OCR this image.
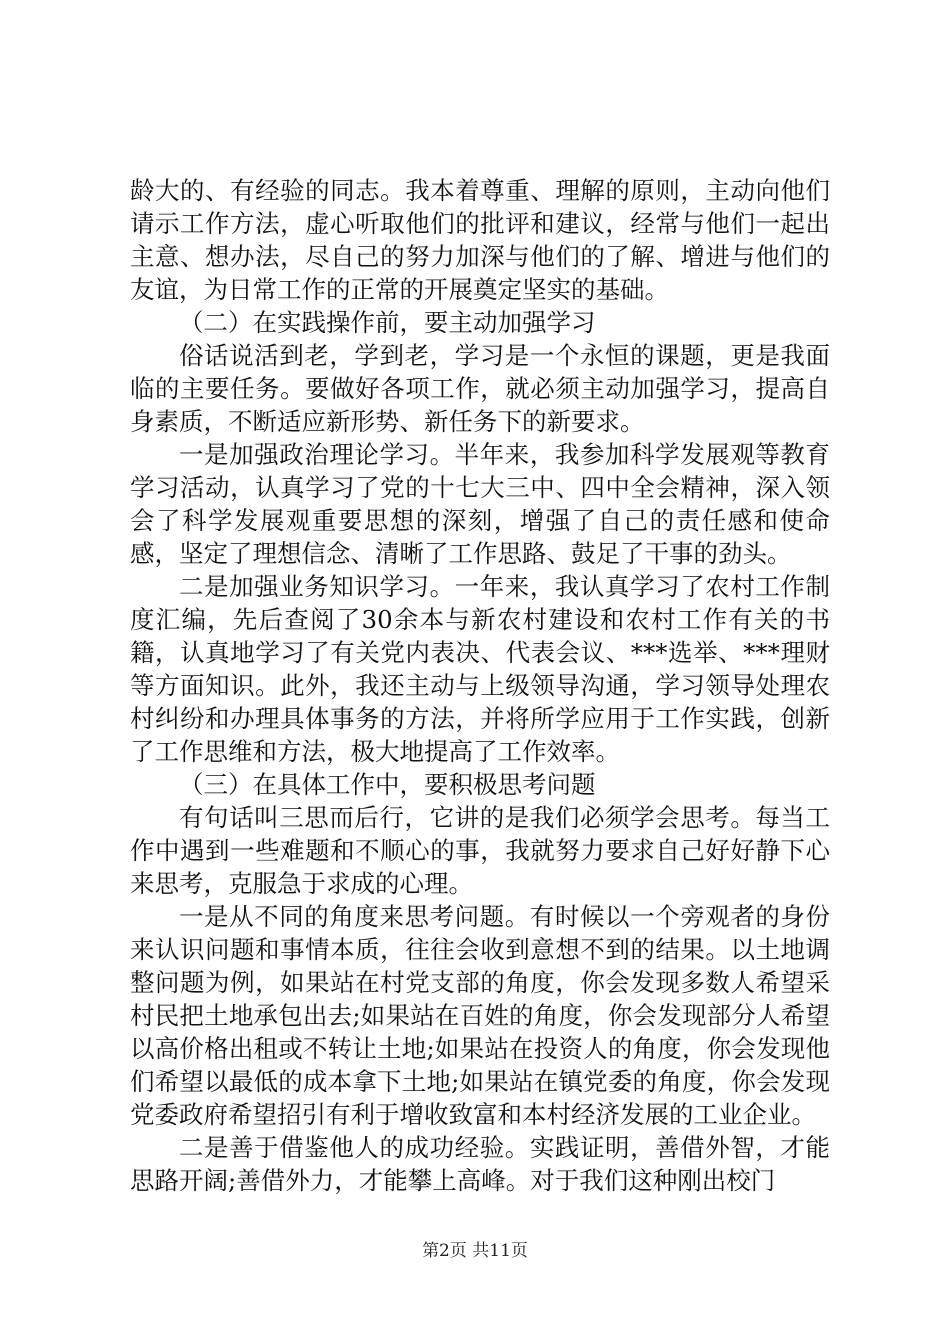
龄大的、有经验的同志。我本着尊重、理解的原则，主动向他们请示工作方法，虚心听取他们的批评和建议，经常与他们一起出主意、想办法，尽自己的努力加深与他们的了解、增进与他们的友谊，为日常工作的正常的开展奠定坚实的基础。

（二）在实践操作前，要主动加强学习

俗话说活到老，学到老，学习是一个永恒的课题，更是我面临的主要任务。要做好各项工作，就必须主动加强学习，提高自身素质，不断适应新形势、新任务下的新要求。

一是加强政治理论学习。半年来，我参加科学发展观等教育学习活动，认真学习了党的十七大三中、四中全会精神，深入领会了科学发展观重要思想的深刻，增强了自己的责任感和使命感，坚定了理想信念、清晰了工作思路、鼓足了干事的劲头。

二是加强业务知识学习。一年来，我认真学习了农村工作制度汇编，先后查阅了30余本与新农村建设和农村工作有关的书籍，认真地学习了有关党内表决、代表会议、***选举、***理财等方面知识。此外，我还主动与上级领导沟通，学习领导处理农村纠纷和办理具体事务的方法，并将所学应用于工作实践，创新了工作思维和方法，极大地提高了工作效率。

（三）在具体工作中，要积极思考问题

有句话叫三思而后行，它讲的是我们必须学会思考。每当工作中遇到一些难题和不顺心的事，我就努力要求自己好好静下心来思考，克服急于求成的心理。

一是从不同的角度来思考问题。有时候以一个旁观者的身份来认识问题和事情本质，往往会收到意想不到的结果。以土地调整问题为例，如果站在村党支部的角度，你会发现多数人希望采村民把土地承包出去;如果站在百姓的角度，你会发现部分人希望以高价格出租或不转让土地;如果站在投资人的角度，你会发现他们希望以最低的成本拿下土地;如果站在镇党委的角度，你会发现党委政府希望招引有利于增收致富和本村经济发展的工业企业。

二是善于借鉴他人的成功经验。实践证明，善借外智，才能思路开阔;善借外力，才能攀上高峰。对于我们这种刚出校门

第2页 共11页
